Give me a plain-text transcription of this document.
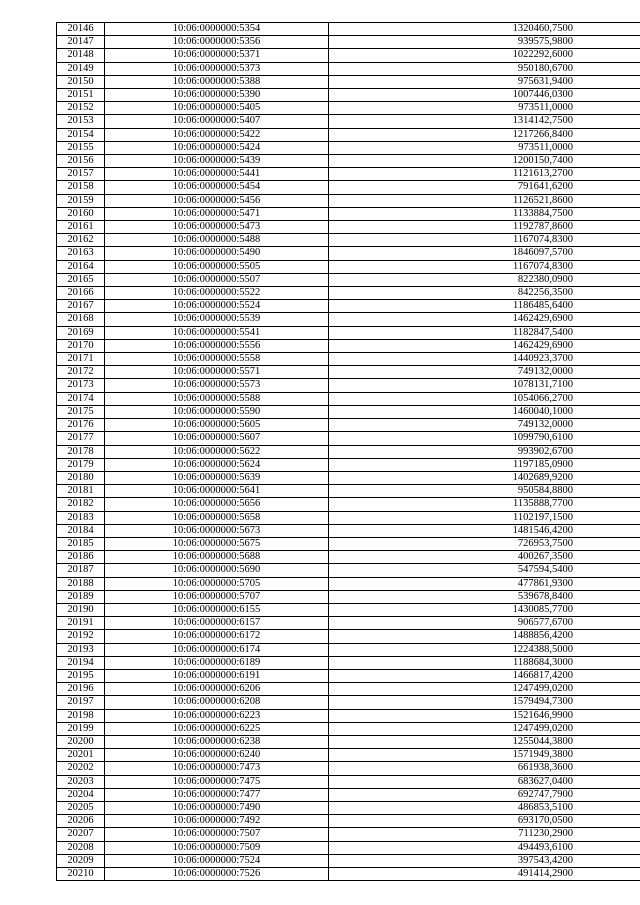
20146	10:06:0000000:5354	1320460,7500
20147	10:06:0000000:5356	939575,9800
20148	10:06:0000000:5371	1022292,6000
20149	10:06:0000000:5373	950180,6700
20150	10:06:0000000:5388	975631,9400
20151	10:06:0000000:5390	1007446,0300
20152	10:06:0000000:5405	973511,0000
20153	10:06:0000000:5407	1314142,7500
20154	10:06:0000000:5422	1217266,8400
20155	10:06:0000000:5424	973511,0000
20156	10:06:0000000:5439	1200150,7400
20157	10:06:0000000:5441	1121613,2700
20158	10:06:0000000:5454	791641,6200
20159	10:06:0000000:5456	1126521,8600
20160	10:06:0000000:5471	1133884,7500
20161	10:06:0000000:5473	1192787,8600
20162	10:06:0000000:5488	1167074,8300
20163	10:06:0000000:5490	1846097,5700
20164	10:06:0000000:5505	1167074,8300
20165	10:06:0000000:5507	822380,0900
20166	10:06:0000000:5522	842256,3500
20167	10:06:0000000:5524	1186485,6400
20168	10:06:0000000:5539	1462429,6900
20169	10:06:0000000:5541	1182847,5400
20170	10:06:0000000:5556	1462429,6900
20171	10:06:0000000:5558	1440923,3700
20172	10:06:0000000:5571	749132,0000
20173	10:06:0000000:5573	1078131,7100
20174	10:06:0000000:5588	1054066,2700
20175	10:06:0000000:5590	1460040,1000
20176	10:06:0000000:5605	749132,0000
20177	10:06:0000000:5607	1099790,6100
20178	10:06:0000000:5622	993902,6700
20179	10:06:0000000:5624	1197185,0900
20180	10:06:0000000:5639	1402689,9200
20181	10:06:0000000:5641	950584,8800
20182	10:06:0000000:5656	1135888,7700
20183	10:06:0000000:5658	1102197,1500
20184	10:06:0000000:5673	1481546,4200
20185	10:06:0000000:5675	726953,7500
20186	10:06:0000000:5688	400267,3500
20187	10:06:0000000:5690	547594,5400
20188	10:06:0000000:5705	477861,9300
20189	10:06:0000000:5707	539678,8400
20190	10:06:0000000:6155	1430085,7700
20191	10:06:0000000:6157	906577,6700
20192	10:06:0000000:6172	1488856,4200
20193	10:06:0000000:6174	1224388,5000
20194	10:06:0000000:6189	1188684,3000
20195	10:06:0000000:6191	1466817,4200
20196	10:06:0000000:6206	1247499,0200
20197	10:06:0000000:6208	1579494,7300
20198	10:06:0000000:6223	1521646,9900
20199	10:06:0000000:6225	1247499,0200
20200	10:06:0000000:6238	1255044,3800
20201	10:06:0000000:6240	1571949,3800
20202	10:06:0000000:7473	661938,3600
20203	10:06:0000000:7475	683627,0400
20204	10:06:0000000:7477	692747,7900
20205	10:06:0000000:7490	486853,5100
20206	10:06:0000000:7492	693170,0500
20207	10:06:0000000:7507	711230,2900
20208	10:06:0000000:7509	494493,6100
20209	10:06:0000000:7524	397543,4200
20210	10:06:0000000:7526	491414,2900
